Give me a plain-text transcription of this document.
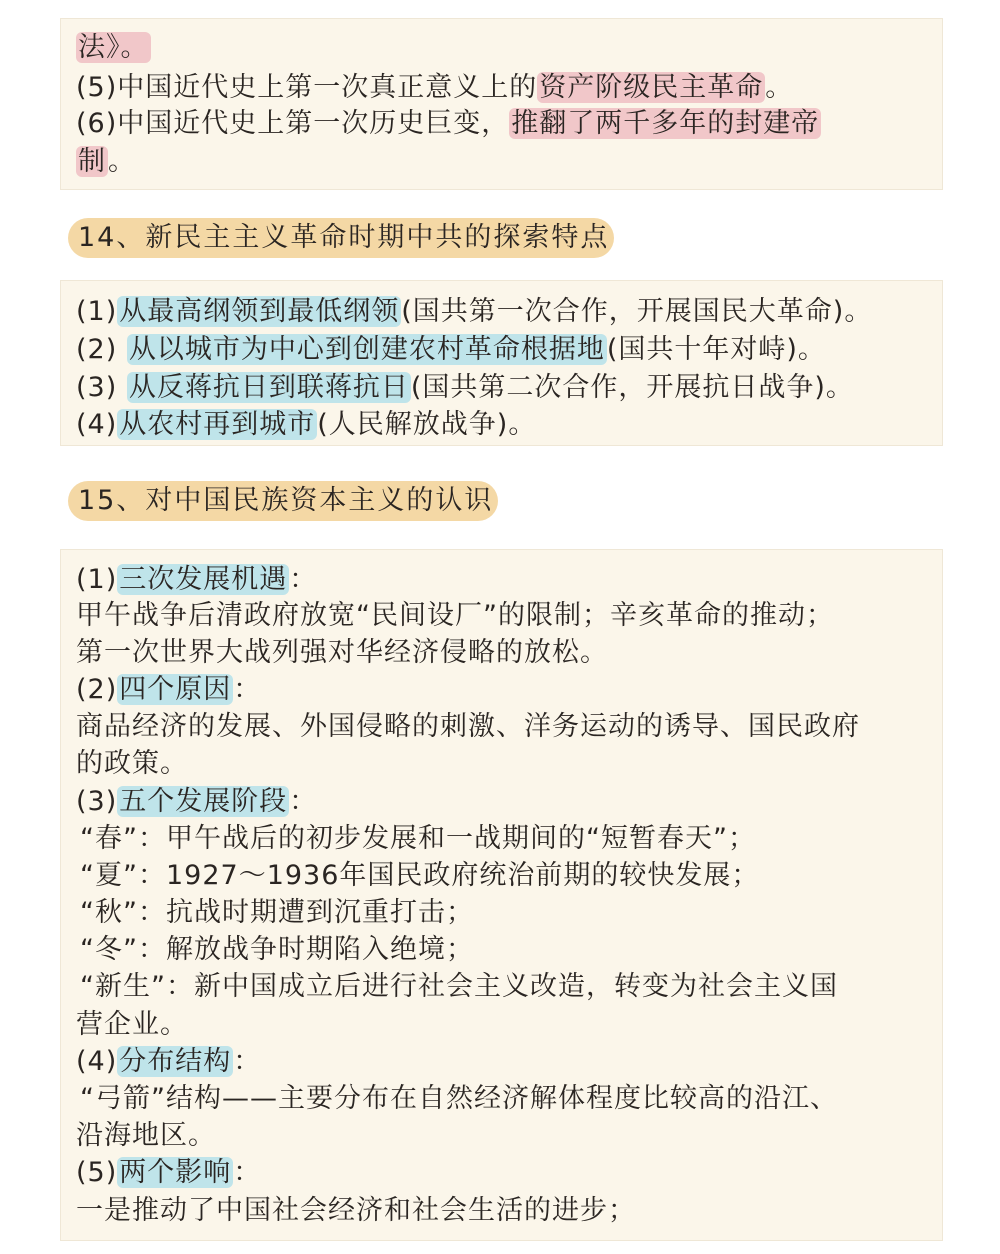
法》。
(5)中国近代史上第一次真正意义上的资产阶级民主革命。
(6)中国近代史上第一次历史巨变，推翻了两千多年的封建帝
制。
14、新民主主义革命时期中共的探索特点
(1)从最高纲领到最低纲领(国共第一次合作，开展国民大革命)。
(2) 从以城市为中心到创建农村革命根据地(国共十年对峙)。
(3) 从反蒋抗日到联蒋抗日(国共第二次合作，开展抗日战争)。
(4)从农村再到城市(人民解放战争)。
15、对中国民族资本主义的认识
(1)三次发展机遇：
甲午战争后清政府放宽“民间设厂”的限制；辛亥革命的推动；
第一次世界大战列强对华经济侵略的放松。
(2)四个原因：
商品经济的发展、外国侵略的刺激、洋务运动的诱导、国民政府
的政策。
(3)五个发展阶段：
“春”：甲午战后的初步发展和一战期间的“短暂春天”；
“夏”：1927～1936年国民政府统治前期的较快发展；
“秋”：抗战时期遭到沉重打击；
“冬”：解放战争时期陷入绝境；
“新生”：新中国成立后进行社会主义改造，转变为社会主义国
营企业。
(4)分布结构：
“弓箭”结构——主要分布在自然经济解体程度比较高的沿江、
沿海地区。
(5)两个影响：
一是推动了中国社会经济和社会生活的进步；
